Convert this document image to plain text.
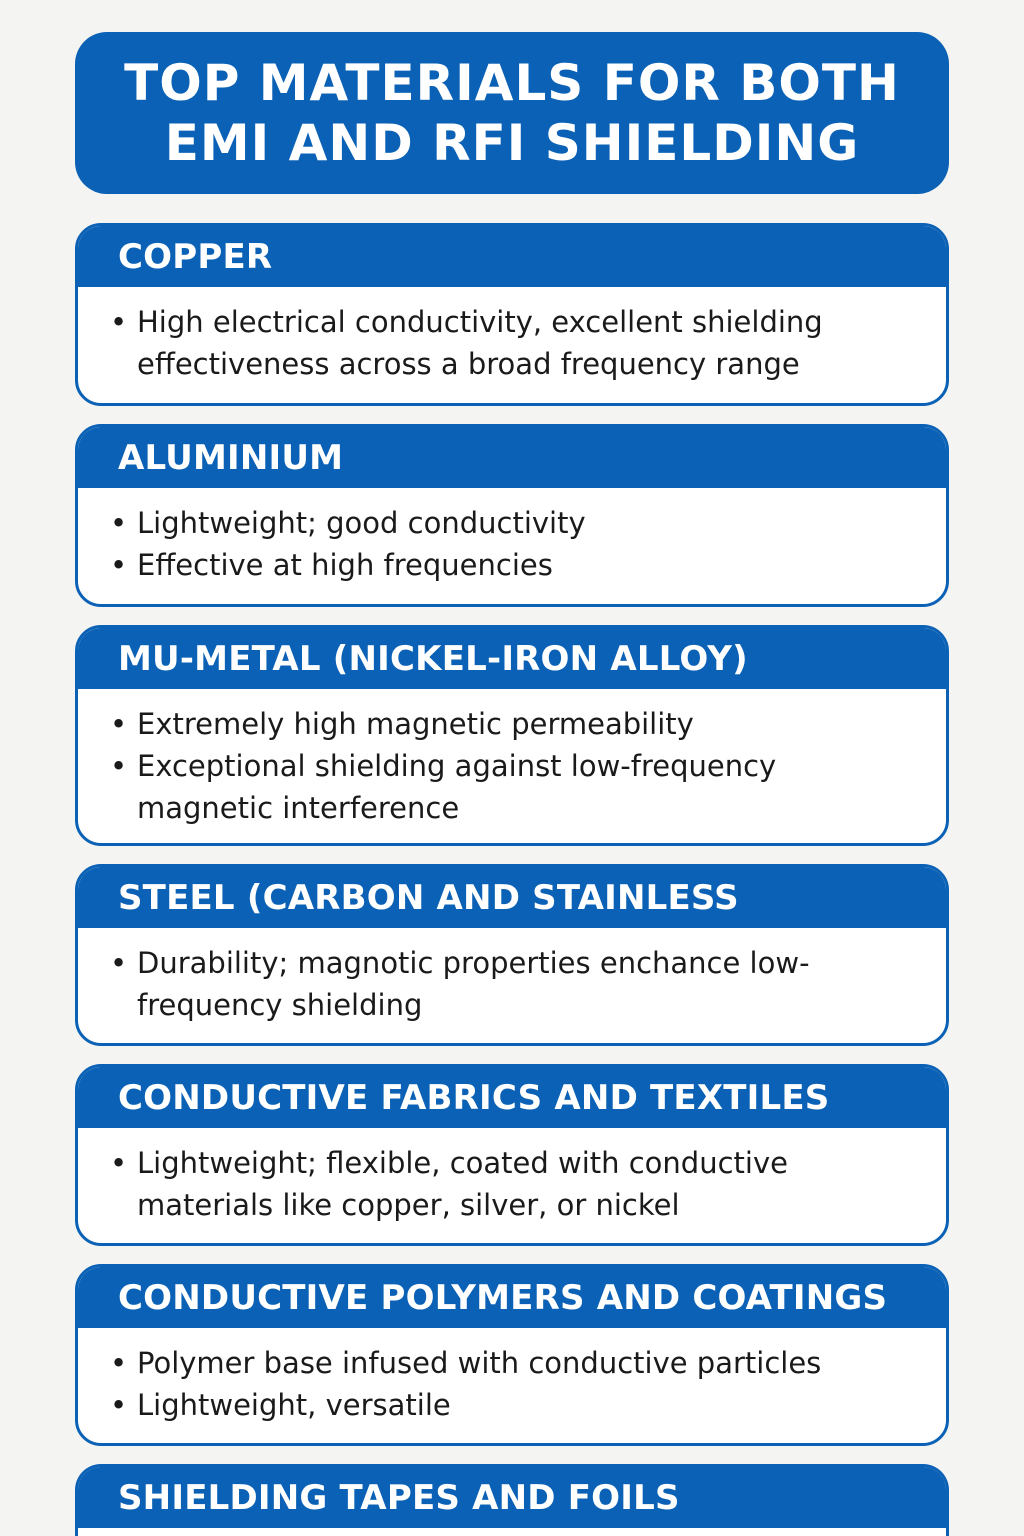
TOP MATERIALS FOR BOTH
EMI AND RFI SHIELDING
COPPER
• High electrical conductivity, excellent shielding effectiveness across a broad frequency range
ALUMINIUM
• Lightweight; good conductivity
• Effective at high frequencies
MU-METAL (NICKEL-IRON ALLOY)
• Extremely high magnetic permeability
• Exceptional shielding against low-frequency magnetic interference
STEEL (CARBON AND STAINLESS
• Durability; magnotic properties enchance low-frequency shielding
CONDUCTIVE FABRICS AND TEXTILES
• Lightweight; flexible, coated with conductive materials like copper, silver, or nickel
CONDUCTIVE POLYMERS AND COATINGS
• Polymer base infused with conductive particles
• Lightweight, versatile
SHIELDING TAPES AND FOILS
